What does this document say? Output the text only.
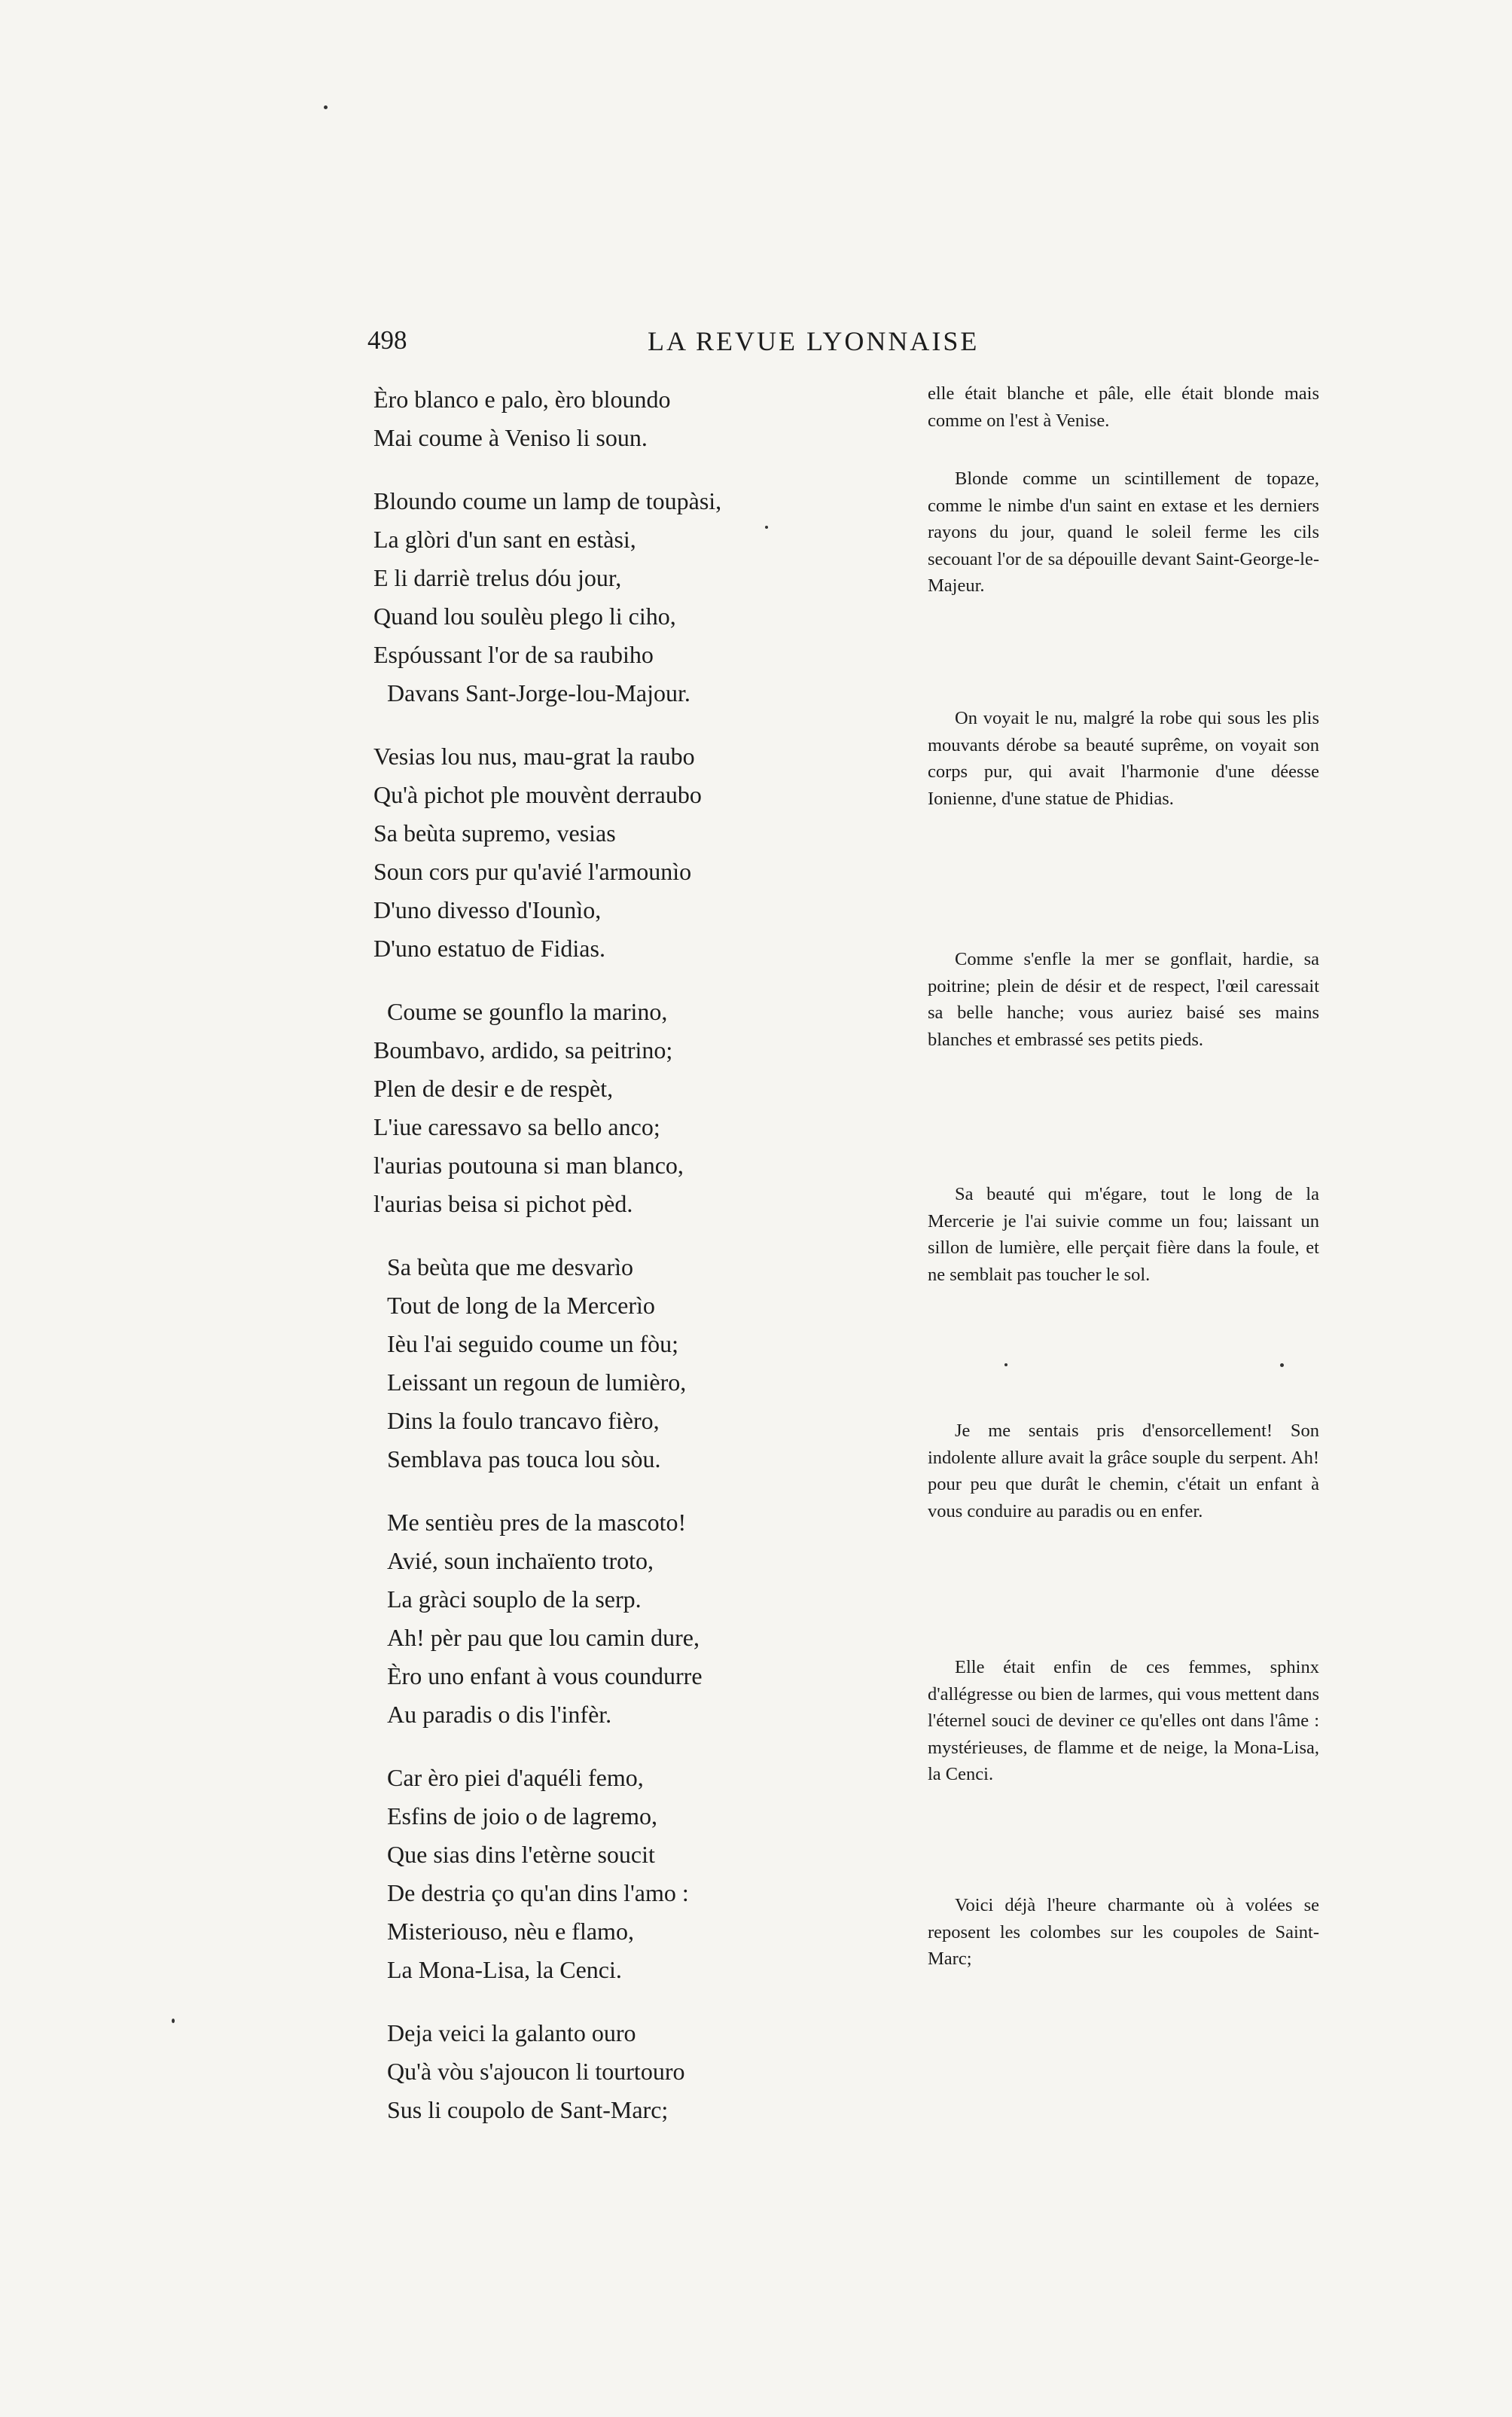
498	LA REVUE LYONNAISE
Èro blanco e palo, èro bloundo
Mai coume à Veniso li soun.
Bloundo coume un lamp de toupàsi,
La glòri d'un sant en estàsi,
E li darriè trelus dóu jour,
Quand lou soulèu plego li ciho,
Espóussant l'or de sa raubiho
Davans Sant-Jorge-lou-Majour.
Vesias lou nus, mau-grat la raubo
Qu'à pichot ple mouvènt derraubo
Sa beùta supremo, vesias
Soun cors pur qu'avié l'armounìo
D'uno divesso d'Iounìo,
D'uno estatuo de Fidias.
Coume se gounflo la marino,
Boumbavo, ardido, sa peitrino;
Plen de desir e de respèt,
L'iue caressavo sa bello anco;
l'aurias poutouna si man blanco,
l'aurias beisa si pichot pèd.
Sa beùta que me desvarìo
Tout de long de la Mercerìo
Ièu l'ai seguido coume un fòu;
Leissant un regoun de lumièro,
Dins la foulo trancavo fièro,
Semblava pas touca lou sòu.
Me sentièu pres de la mascoto!
Avié, soun inchaïento troto,
La gràci souplo de la serp.
Ah! pèr pau que lou camin dure,
Èro uno enfant à vous coundurre
Au paradis o dis l'infèr.
Car èro piei d'aquéli femo,
Esfins de joio o de lagremo,
Que sias dins l'etèrne soucit
De destria ço qu'an dins l'amo :
Misteriouso, nèu e flamo,
La Mona-Lisa, la Cenci.
Deja veici la galanto ouro
Qu'à vòu s'ajoucon li tourtouro
Sus li coupolo de Sant-Marc;

elle était blanche et pâle, elle était blonde mais comme on l'est à Venise.

Blonde comme un scintillement de topaze, comme le nimbe d'un saint en extase et les derniers rayons du jour, quand le soleil ferme les cils secouant l'or de sa dépouille devant Saint-George-le-Majeur.

On voyait le nu, malgré la robe qui sous les plis mouvants dérobe sa beauté suprême, on voyait son corps pur, qui avait l'harmonie d'une déesse Ionienne, d'une statue de Phidias.

Comme s'enfle la mer se gonflait, hardie, sa poitrine; plein de désir et de respect, l'œil caressait sa belle hanche; vous auriez baisé ses mains blanches et embrassé ses petits pieds.

Sa beauté qui m'égare, tout le long de la Mercerie je l'ai suivie comme un fou; laissant un sillon de lumière, elle perçait fière dans la foule, et ne semblait pas toucher le sol.

Je me sentais pris d'ensorcellement! Son indolente allure avait la grâce souple du serpent. Ah! pour peu que durât le chemin, c'était un enfant à vous conduire au paradis ou en enfer.

Elle était enfin de ces femmes, sphinx d'allégresse ou bien de larmes, qui vous mettent dans l'éternel souci de deviner ce qu'elles ont dans l'âme : mystérieuses, de flamme et de neige, la Mona-Lisa, la Cenci.

Voici déjà l'heure charmante où à volées se reposent les colombes sur les coupoles de Saint-Marc;
